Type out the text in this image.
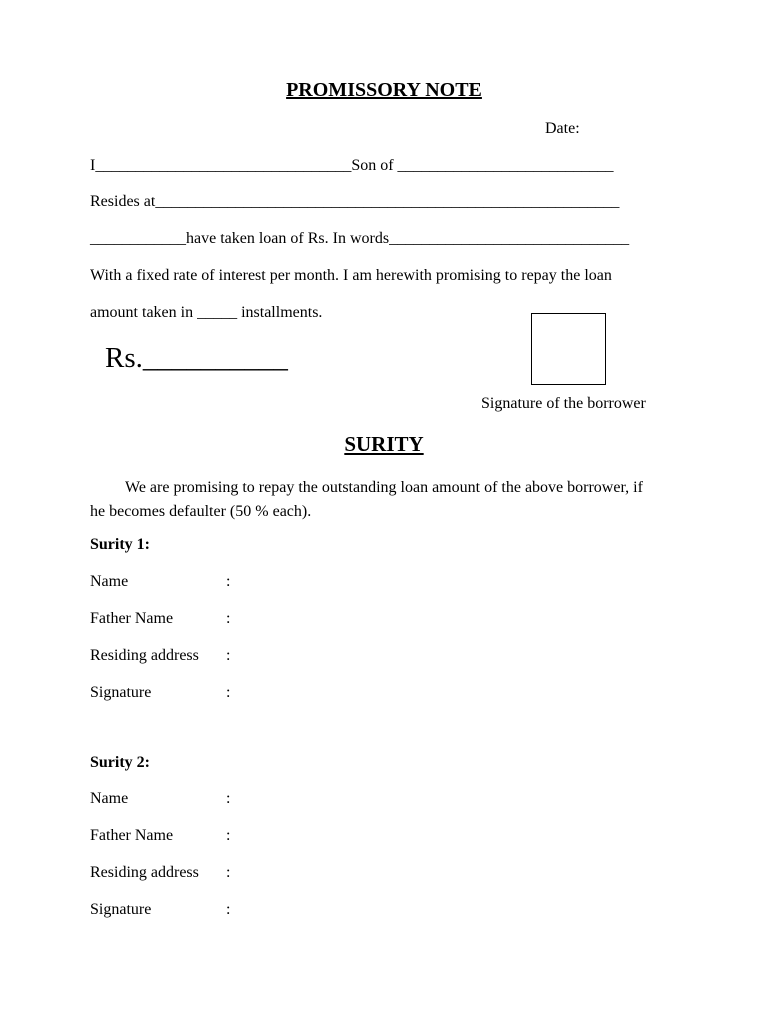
PROMISSORY NOTE
Date:
I________________________________Son of ___________________________
Resides at__________________________________________________________
____________have taken loan of Rs. In words______________________________
With a fixed rate of interest per month. I am herewith promising to repay the loan
amount taken in _____ installments.
Rs.__________
Signature of the borrower
SURITY
We are promising to repay the outstanding loan amount of the above borrower, if he becomes defaulter (50 % each).
Surity 1:
Name	:
Father Name	:
Residing address :
Signature	:
Surity 2:
Name	:
Father Name	:
Residing address :
Signature	:
